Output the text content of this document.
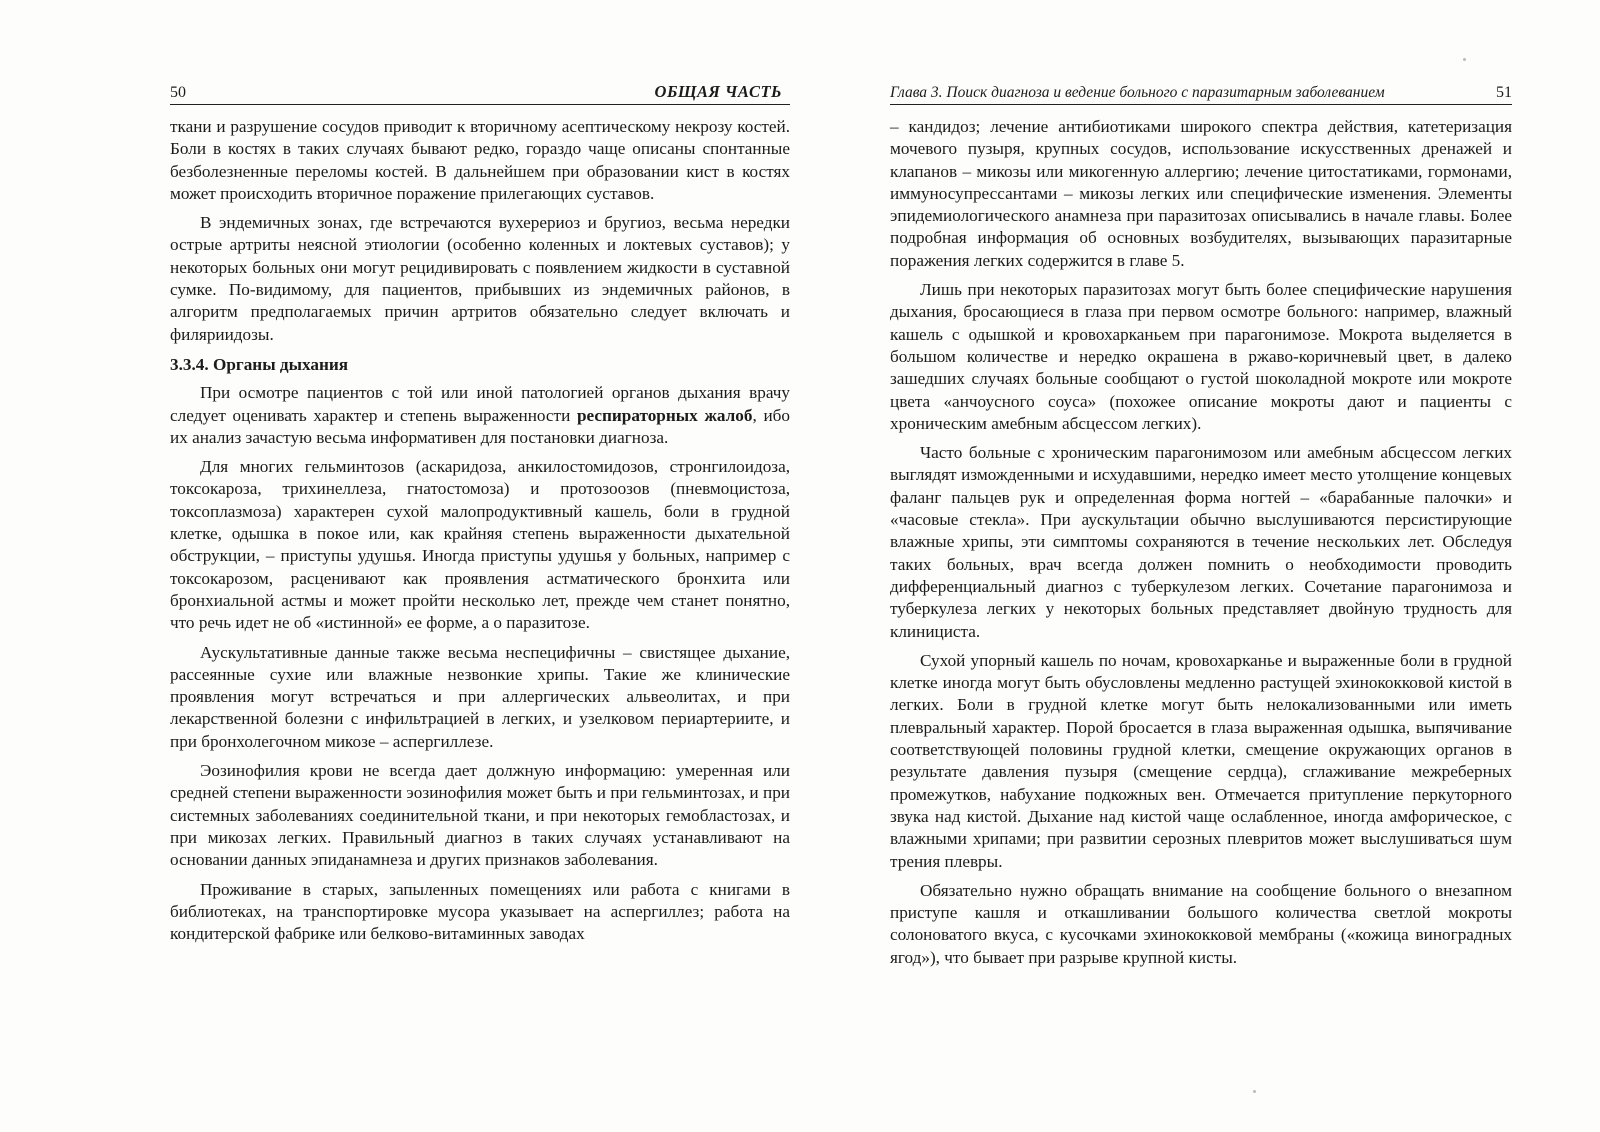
50	ОБЩАЯ ЧАСТЬ

ткани и разрушение сосудов приводит к вторичному асептическому некрозу костей. Боли в костях в таких случаях бывают редко, гораздо чаще описаны спонтанные безболезненные переломы костей. В дальнейшем при образовании кист в костях может происходить вторичное поражение прилегающих суставов.

В эндемичных зонах, где встречаются вухерериоз и бругиоз, весьма нередки острые артриты неясной этиологии (особенно коленных и локтевых суставов); у некоторых больных они могут рецидивировать с появлением жидкости в суставной сумке. По-видимому, для пациентов, прибывших из эндемичных районов, в алгоритм предполагаемых причин артритов обязательно следует включать и филяриидозы.

3.3.4. Органы дыхания

При осмотре пациентов с той или иной патологией органов дыхания врачу следует оценивать характер и степень выраженности респираторных жалоб, ибо их анализ зачастую весьма информативен для постановки диагноза.

Для многих гельминтозов (аскаридоза, анкилостомидозов, стронгилоидоза, токсокароза, трихинеллеза, гнатостомоза) и протозоозов (пневмоцистоза, токсоплазмоза) характерен сухой малопродуктивный кашель, боли в грудной клетке, одышка в покое или, как крайняя степень выраженности дыхательной обструкции, – приступы удушья. Иногда приступы удушья у больных, например с токсокарозом, расценивают как проявления астматического бронхита или бронхиальной астмы и может пройти несколько лет, прежде чем станет понятно, что речь идет не об «истинной» ее форме, а о паразитозе.

Аускультативные данные также весьма неспецифичны – свистящее дыхание, рассеянные сухие или влажные незвонкие хрипы. Такие же клинические проявления могут встречаться и при аллергических альвеолитах, и при лекарственной болезни с инфильтрацией в легких, и узелковом периартериите, и при бронхолегочном микозе – аспергиллезе.

Эозинофилия крови не всегда дает должную информацию: умеренная или средней степени выраженности эозинофилия может быть и при гельминтозах, и при системных заболеваниях соединительной ткани, и при некоторых гемобластозах, и при микозах легких. Правильный диагноз в таких случаях устанавливают на основании данных эпиданамнеза и других признаков заболевания.

Проживание в старых, запыленных помещениях или работа с книгами в библиотеках, на транспортировке мусора указывает на аспергиллез; работа на кондитерской фабрике или белково-витаминных заводах

Глава 3. Поиск диагноза и ведение больного с паразитарным заболеванием	51

– кандидоз; лечение антибиотиками широкого спектра действия, катетеризация мочевого пузыря, крупных сосудов, использование искусственных дренажей и клапанов – микозы или микогенную аллергию; лечение цитостатиками, гормонами, иммуносупрессантами – микозы легких или специфические изменения. Элементы эпидемиологического анамнеза при паразитозах описывались в начале главы. Более подробная информация об основных возбудителях, вызывающих паразитарные поражения легких содержится в главе 5.

Лишь при некоторых паразитозах могут быть более специфические нарушения дыхания, бросающиеся в глаза при первом осмотре больного: например, влажный кашель с одышкой и кровохарканьем при парагонимозе. Мокрота выделяется в большом количестве и нередко окрашена в ржаво-коричневый цвет, в далеко зашедших случаях больные сообщают о густой шоколадной мокроте или мокроте цвета «анчоусного соуса» (похожее описание мокроты дают и пациенты с хроническим амебным абсцессом легких).

Часто больные с хроническим парагонимозом или амебным абсцессом легких выглядят изможденными и исхудавшими, нередко имеет место утолщение концевых фаланг пальцев рук и определенная форма ногтей – «барабанные палочки» и «часовые стекла». При аускультации обычно выслушиваются персистирующие влажные хрипы, эти симптомы сохраняются в течение нескольких лет. Обследуя таких больных, врач всегда должен помнить о необходимости проводить дифференциальный диагноз с туберкулезом легких. Сочетание парагонимоза и туберкулеза легких у некоторых больных представляет двойную трудность для клинициста.

Сухой упорный кашель по ночам, кровохарканье и выраженные боли в грудной клетке иногда могут быть обусловлены медленно растущей эхинококковой кистой в легких. Боли в грудной клетке могут быть нелокализованными или иметь плевральный характер. Порой бросается в глаза выраженная одышка, выпячивание соответствующей половины грудной клетки, смещение окружающих органов в результате давления пузыря (смещение сердца), сглаживание межреберных промежутков, набухание подкожных вен. Отмечается притупление перкуторного звука над кистой. Дыхание над кистой чаще ослабленное, иногда амфорическое, с влажными хрипами; при развитии серозных плевритов может выслушиваться шум трения плевры.

Обязательно нужно обращать внимание на сообщение больного о внезапном приступе кашля и откашливании большого количества светлой мокроты солоноватого вкуса, с кусочками эхинококковой мембраны («кожица виноградных ягод»), что бывает при разрыве крупной кисты.
